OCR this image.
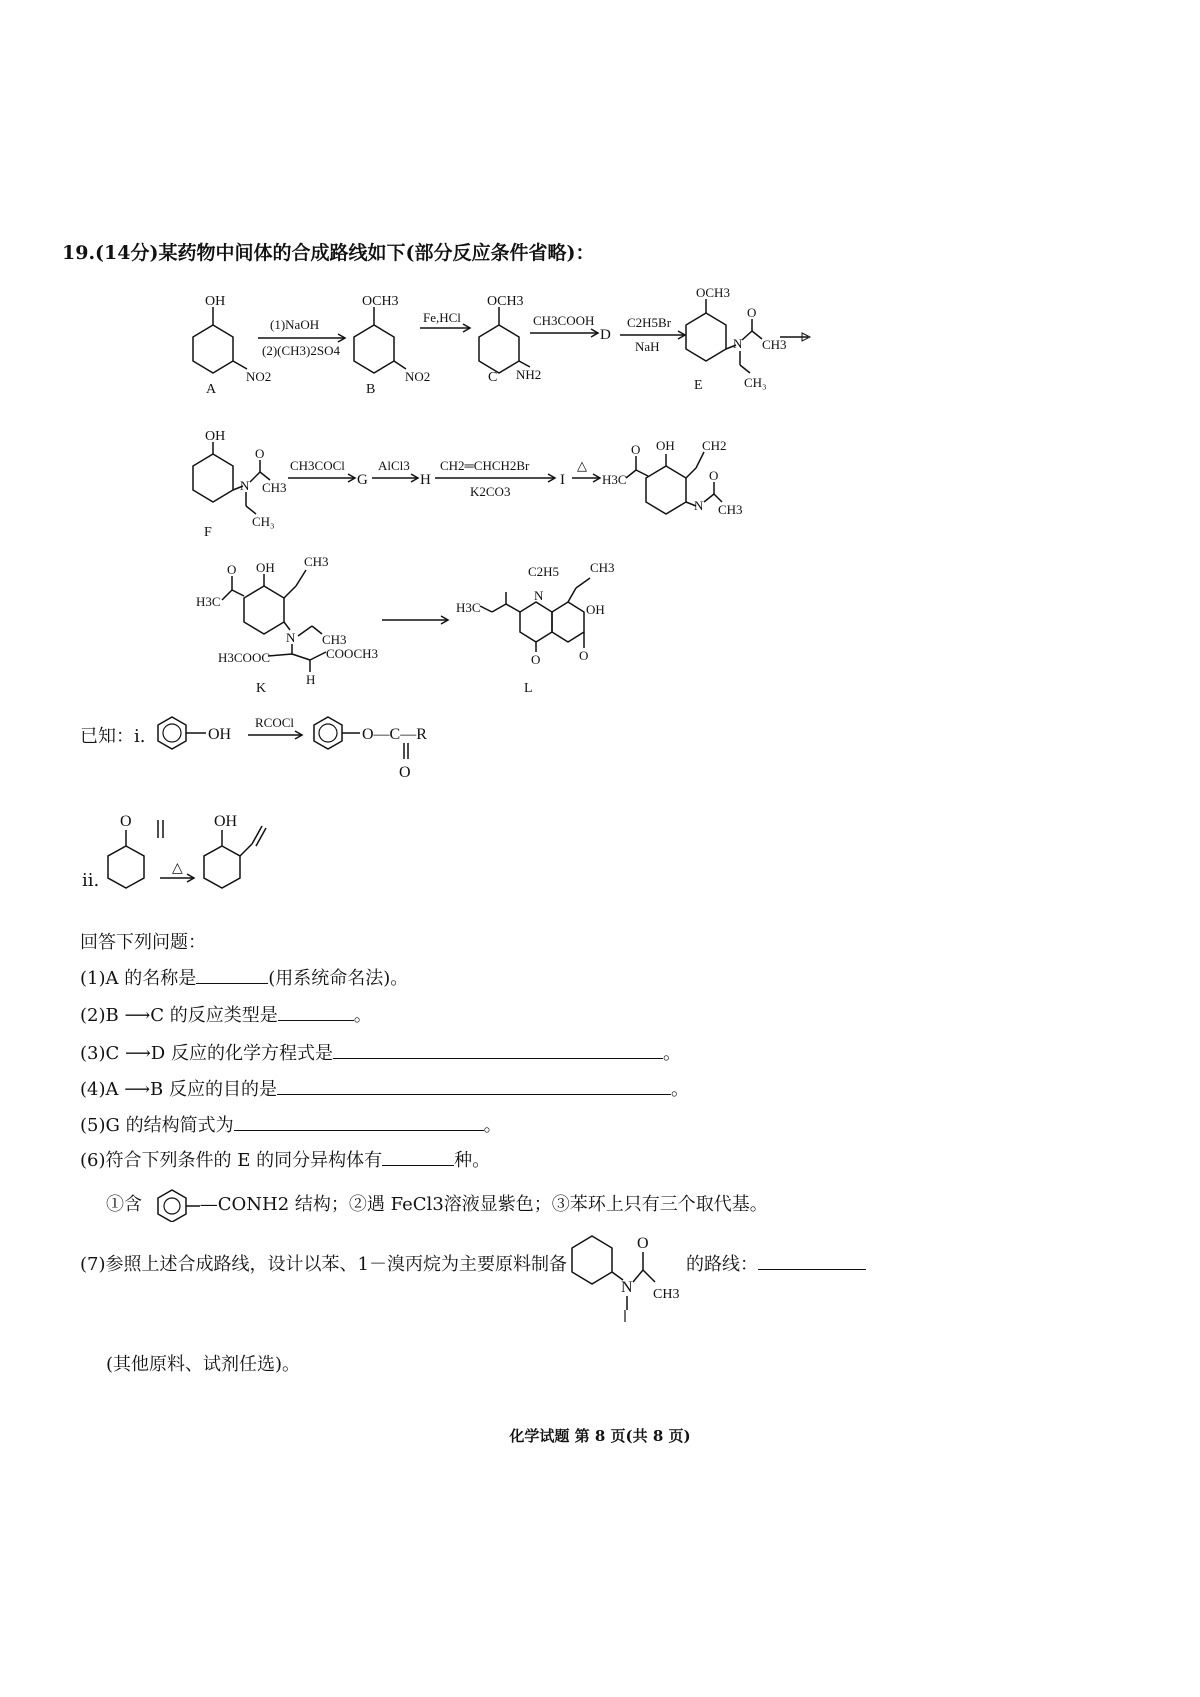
19.(14分)某药物中间体的合成路线如下(部分反应条件省略)：
OH
NO2
A
(1)NaOH
(2)(CH3)2SO4
OCH3
NO2
B
Fe,HCl
OCH3
NH2
C
CH3COOH
D
C2H5Br
NaH
OCH3
N
O
CH3
CH₃
E
OH
N
O
CH3
CH₃
F
CH3COCl
G
AlCl3
H
CH2═CHCH2Br
K2CO3
I
△
H3C
O OH CH2
N
O
CH3
H3C
O OH CH3
N CH3
H3COOC	COOCH3
H
K
H3C
C2H5
N
CH3
OH
O	O
L
已知：ⅰ.	OH
RCOCl
O—C—R
O
ⅱ.
O
△
OH
回答下列问题：
(1)A 的名称是	(用系统命名法)。
(2)B ⟶C 的反应类型是	。
(3)C ⟶D 反应的化学方程式是	。
(4)A ⟶B 反应的目的是	。
(5)G 的结构简式为	。
(6)符合下列条件的 E 的同分异构体有	种。
①含	—CONH2 结构；②遇 FeCl3溶液显紫色；③苯环上只有三个取代基。
(7)参照上述合成路线，设计以苯、1－溴丙烷为主要原料制备
N
O
CH3
的路线：
(其他原料、试剂任选)。
化学试题 第 8 页(共 8 页)
